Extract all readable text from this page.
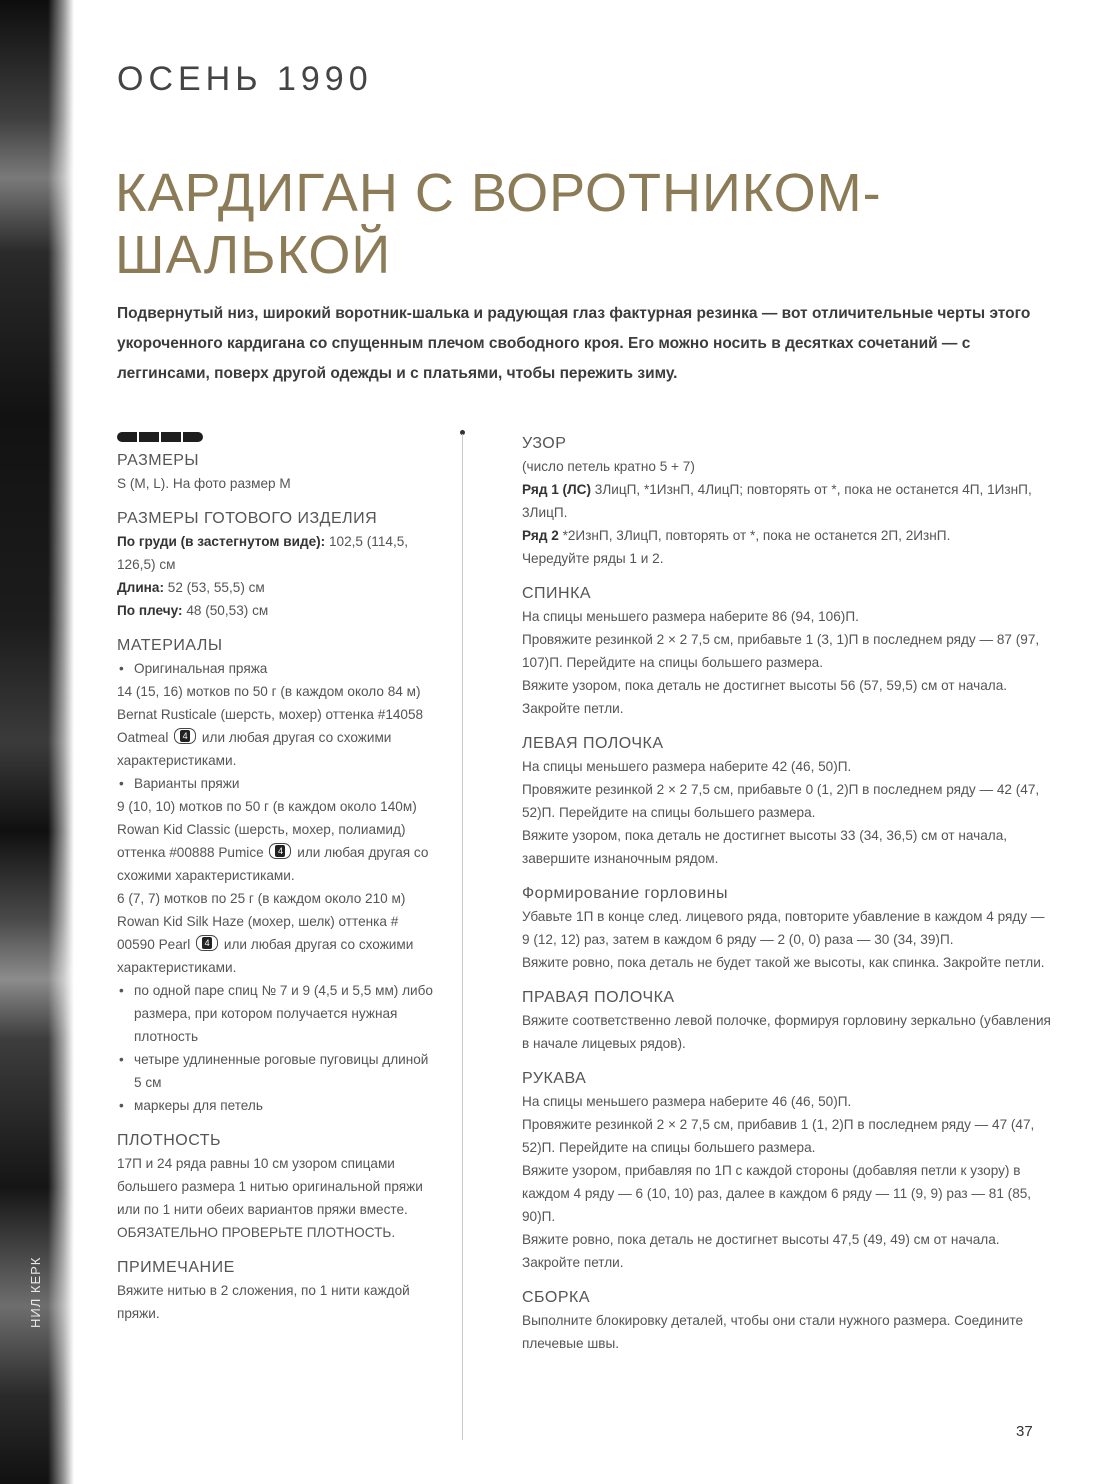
НИЛ КЕРК
ОСЕНЬ 1990
КАРДИГАН С ВОРОТНИКОМ-
ШАЛЬКОЙ

Подвернутый низ, широкий воротник-шалька и радующая глаз фактурная резинка — вот отличительные черты этого укороченного кардигана со спущенным плечом свободного кроя. Его можно носить в десятках сочетаний — с леггинсами, поверх другой одежды и с платьями, чтобы пережить зиму.

РАЗМЕРЫ

S (M, L). На фото размер M

РАЗМЕРЫ ГОТОВОГО ИЗДЕЛИЯ

По груди (в застегнутом виде): 102,5 (114,5, 126,5) см

Длина: 52 (53, 55,5) см

По плечу: 48 (50,53) см

МАТЕРИАЛЫ
• Оригинальная пряжа

14 (15, 16) мотков по 50 г (в каждом около 84 м) Bernat Rusticale (шерсть, мохер) оттенка #14058 Oatmeal 4 или любая другая со схожими характеристиками.

• Варианты пряжи

9 (10, 10) мотков по 50 г (в каждом около 140м) Rowan Kid Classic (шерсть, мохер, полиамид) оттенка #00888 Pumice 4 или любая другая со схожими характеристиками.

6 (7, 7) мотков по 25 г (в каждом около 210 м) Rowan Kid Silk Haze (мохер, шелк) оттенка # 00590 Pearl 4 или любая другая со схожими характеристиками.

• по одной паре спиц № 7 и 9 (4,5 и 5,5 мм) либо размера, при котором получается нужная плотность
• четыре удлиненные роговые пуговицы длиной 5 см
• маркеры для петель
ПЛОТНОСТЬ

17П и 24 ряда равны 10 см узором спицами большего размера 1 нитью оригинальной пряжи или по 1 нити обеих вариантов пряжи вместе.

ОБЯЗАТЕЛЬНО ПРОВЕРЬТЕ ПЛОТНОСТЬ.

ПРИМЕЧАНИЕ

Вяжите нитью в 2 сложения, по 1 нити каждой пряжи.

УЗОР

(число петель кратно 5 + 7)

Ряд 1 (ЛС) 3ЛицП, *1ИзнП, 4ЛицП; повторять от *, пока не останется 4П, 1ИзнП, 3ЛицП.

Ряд 2 *2ИзнП, 3ЛицП, повторять от *, пока не останется 2П, 2ИзнП.

Чередуйте ряды 1 и 2.

СПИНКА

На спицы меньшего размера наберите 86 (94, 106)П.

Провяжите резинкой 2 × 2 7,5 см, прибавьте 1 (3, 1)П в последнем ряду — 87 (97, 107)П. Перейдите на спицы большего размера.

Вяжите узором, пока деталь не достигнет высоты 56 (57, 59,5) см от начала. Закройте петли.

ЛЕВАЯ ПОЛОЧКА

На спицы меньшего размера наберите 42 (46, 50)П.

Провяжите резинкой 2 × 2 7,5 см, прибавьте 0 (1, 2)П в последнем ряду — 42 (47, 52)П. Перейдите на спицы большего размера.

Вяжите узором, пока деталь не достигнет высоты 33 (34, 36,5) см от начала, завершите изнаночным рядом.

Формирование горловины

Убавьте 1П в конце след. лицевого ряда, повторите убавление в каждом 4 ряду — 9 (12, 12) раз, затем в каждом 6 ряду — 2 (0, 0) раза — 30 (34, 39)П.

Вяжите ровно, пока деталь не будет такой же высоты, как спинка. Закройте петли.

ПРАВАЯ ПОЛОЧКА

Вяжите соответственно левой полочке, формируя горловину зеркально (убавления в начале лицевых рядов).

РУКАВА

На спицы меньшего размера наберите 46 (46, 50)П.

Провяжите резинкой 2 × 2 7,5 см, прибавив 1 (1, 2)П в последнем ряду — 47 (47, 52)П. Перейдите на спицы большего размера.

Вяжите узором, прибавляя по 1П с каждой стороны (добавляя петли к узору) в каждом 4 ряду — 6 (10, 10) раз, далее в каждом 6 ряду — 11 (9, 9) раз — 81 (85, 90)П.

Вяжите ровно, пока деталь не достигнет высоты 47,5 (49, 49) см от начала. Закройте петли.

СБОРКА

Выполните блокировку деталей, чтобы они стали нужного размера. Соедините плечевые швы.

37
